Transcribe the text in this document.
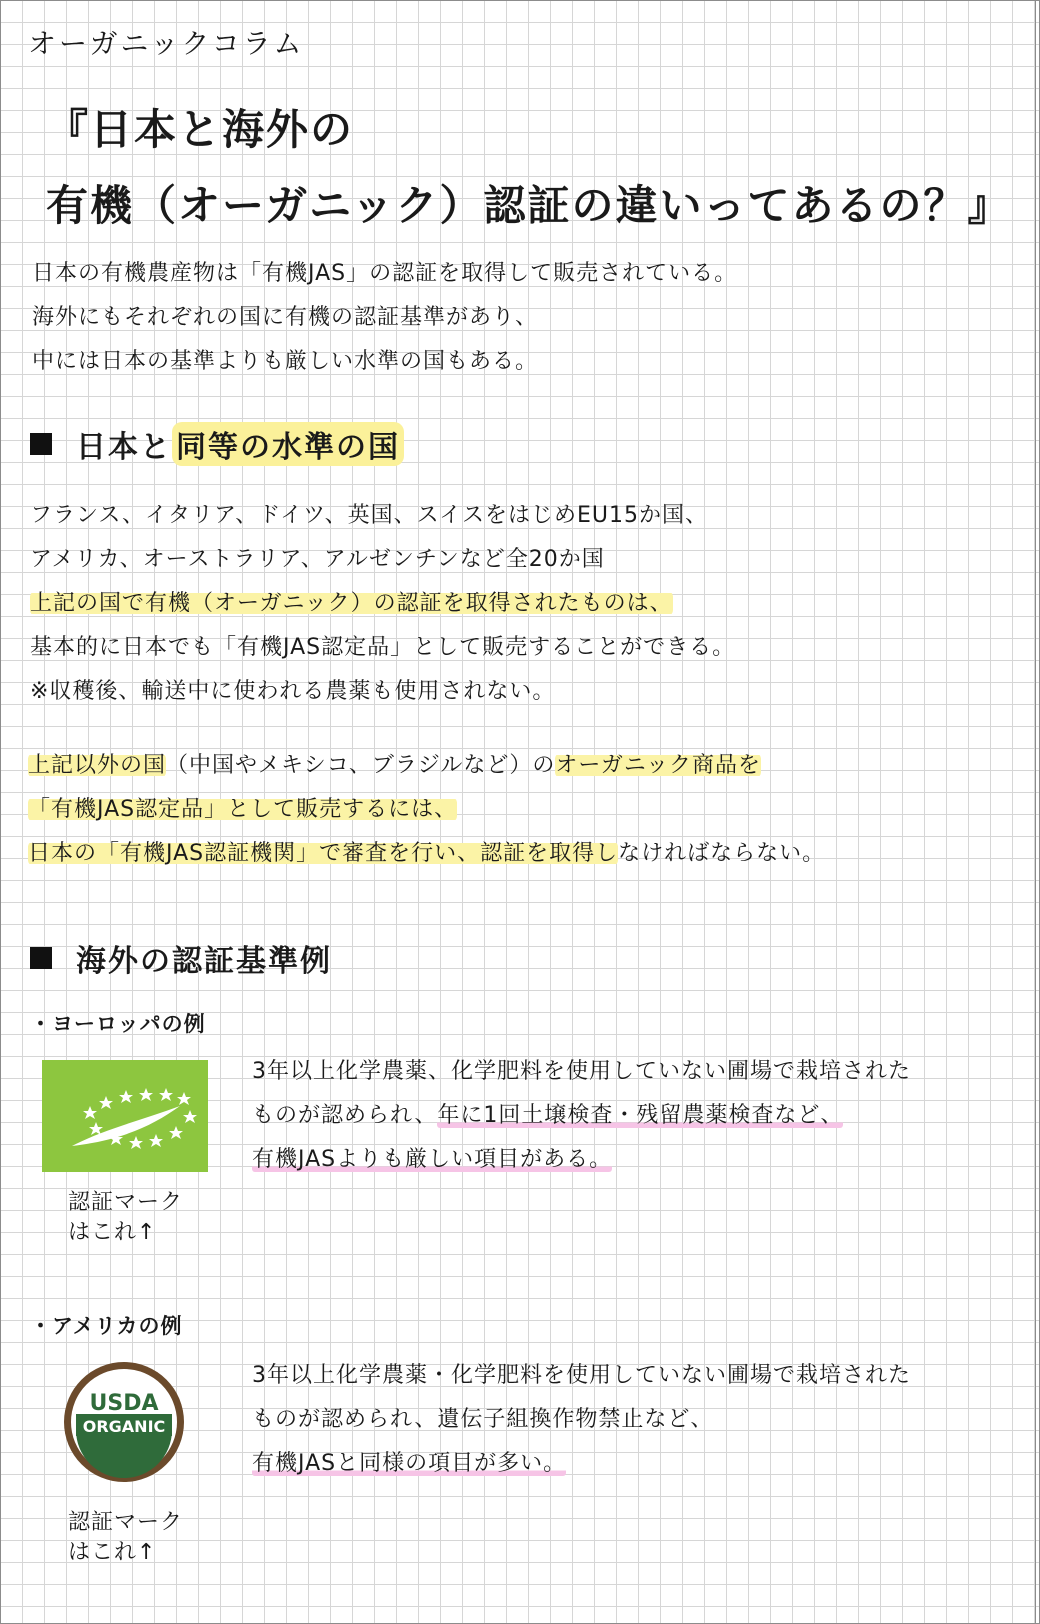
オーガニックコラム
『日本と海外の
有機（オーガニック）認証の違いってあるの？』
日本の有機農産物は「有機JAS」の認証を取得して販売されている。
海外にもそれぞれの国に有機の認証基準があり、
中には日本の基準よりも厳しい水準の国もある。
日本と 同等の水準の国
フランス、イタリア、ドイツ、英国、スイスをはじめEU15か国、
アメリカ、オーストラリア、アルゼンチンなど全20か国
上記の国で有機（オーガニック）の認証を取得されたものは、
基本的に日本でも「有機JAS認定品」として販売することができる。
※収穫後、輸送中に使われる農薬も使用されない。
上記以外の国（中国やメキシコ、ブラジルなど）のオーガニック商品を
「有機JAS認定品」として販売するには、
日本の「有機JAS認証機関」で審査を行い、認証を取得しなければならない。
海外の認証基準例
・ヨーロッパの例
認証マーク
はこれ↑
3年以上化学農薬、化学肥料を使用していない圃場で栽培された
ものが認められ、年に1回土壌検査・残留農薬検査など、
有機JASよりも厳しい項目がある。
・アメリカの例
USDA
ORGANIC
認証マーク
はこれ↑
3年以上化学農薬・化学肥料を使用していない圃場で栽培された
ものが認められ、遺伝子組換作物禁止など、
有機JASと同様の項目が多い。
